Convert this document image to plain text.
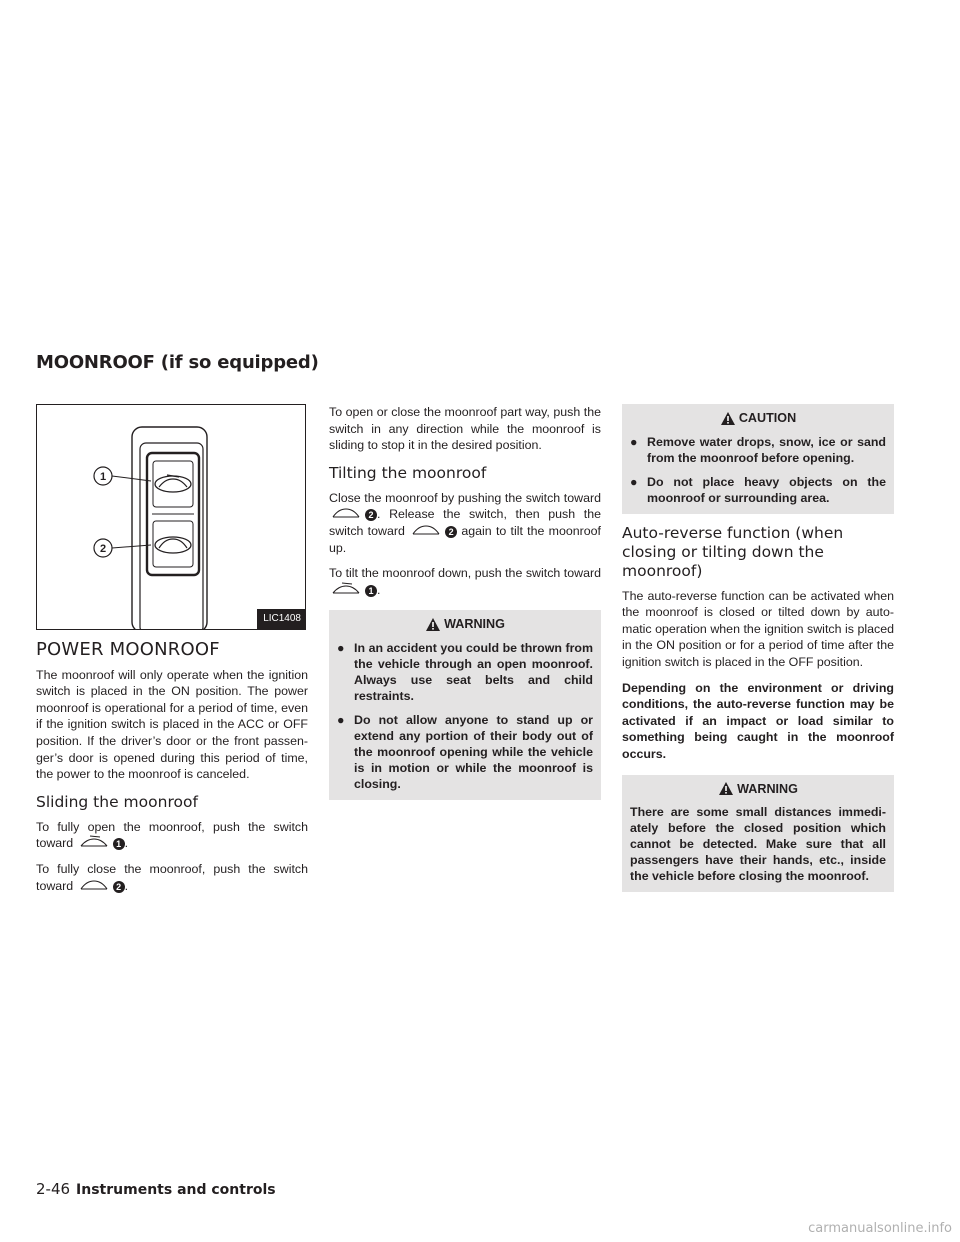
MOONROOF (if so equipped)
1
2
LIC1408
POWER MOONROOF

The moonroof will only operate when the ignition switch is placed in the ON position. The power moonroof is operational for a period of time, even if the ignition switch is placed in the ACC or OFF position. If the driver’s door or the front passen-ger’s door is opened during this period of time, the power to the moonroof is canceled.

Sliding the moonroof

To fully open the moonroof, push the switch toward	1 .

To fully close the moonroof, push the switch toward	2 .

To open or close the moonroof part way, push the switch in any direction while the moonroof is sliding to stop it in the desired position.

Tilting the moonroof

Close the moonroof by pushing the switch toward 2 . Release the switch, then push the switch toward	2 again to tilt the moonroof up.

To tilt the moonroof down, push the switch toward 1 .

WARNING
● In an accident you could be thrown from the vehicle through an open moonroof. Always use seat belts and child restraints.
● Do not allow anyone to stand up or extend any portion of their body out of the moonroof opening while the vehicle is in motion or while the moonroof is closing.
CAUTION
● Remove water drops, snow, ice or sand from the moonroof before opening.
● Do not place heavy objects on the moonroof or surrounding area.
Auto-reverse function (when closing or tilting down the moonroof)

The auto-reverse function can be activated when the moonroof is closed or tilted down by auto-matic operation when the ignition switch is placed in the ON position or for a period of time after the ignition switch is placed in the OFF position.

Depending on the environment or driving conditions, the auto-reverse function may be activated if an impact or load similar to something being caught in the moonroof occurs.

WARNING
There are some small distances immedi-ately before the closed position which cannot be detected. Make sure that all passengers have their hands, etc., inside the vehicle before closing the moonroof.
2-46 Instruments and controls
carmanualsonline.info
